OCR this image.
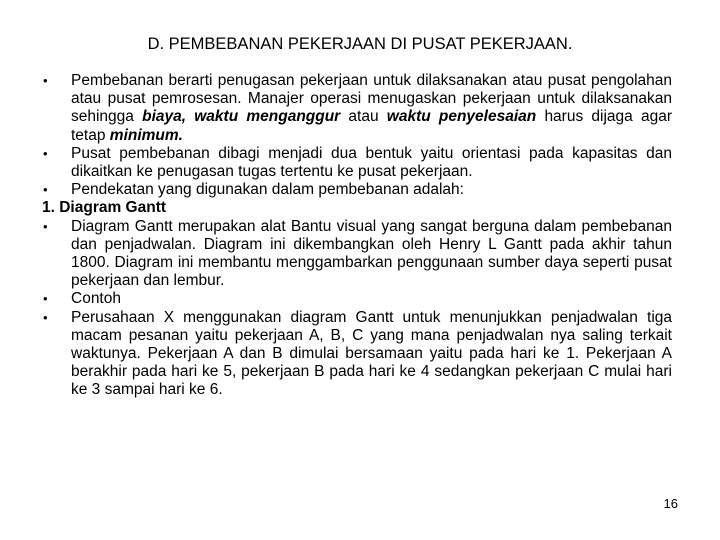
D. PEMBEBANAN PEKERJAAN DI PUSAT PEKERJAAN.
•	Pembebanan berarti penugasan pekerjaan untuk dilaksanakan atau pusat pengolahan atau pusat pemrosesan. Manajer operasi menugaskan pekerjaan untuk dilaksanakan sehingga biaya, waktu menganggur atau waktu penyelesaian harus dijaga agar tetap minimum.
•	Pusat pembebanan dibagi menjadi dua bentuk yaitu orientasi pada kapasitas dan dikaitkan ke penugasan tugas tertentu ke pusat pekerjaan.
•	Pendekatan yang digunakan dalam pembebanan adalah:
1. Diagram Gantt
•	Diagram Gantt merupakan alat Bantu visual yang sangat berguna dalam pembebanan dan penjadwalan. Diagram ini dikembangkan oleh Henry L Gantt pada akhir tahun 1800. Diagram ini membantu menggambarkan penggunaan sumber daya seperti pusat pekerjaan dan lembur.
•	Contoh
•	Perusahaan X menggunakan diagram Gantt untuk menunjukkan penjadwalan tiga macam pesanan yaitu pekerjaan A, B, C yang mana penjadwalan nya saling terkait waktunya. Pekerjaan A dan B dimulai bersamaan yaitu pada hari ke 1. Pekerjaan A berakhir pada hari ke 5, pekerjaan B pada hari ke 4 sedangkan pekerjaan C mulai hari ke 3 sampai hari ke 6.
16
